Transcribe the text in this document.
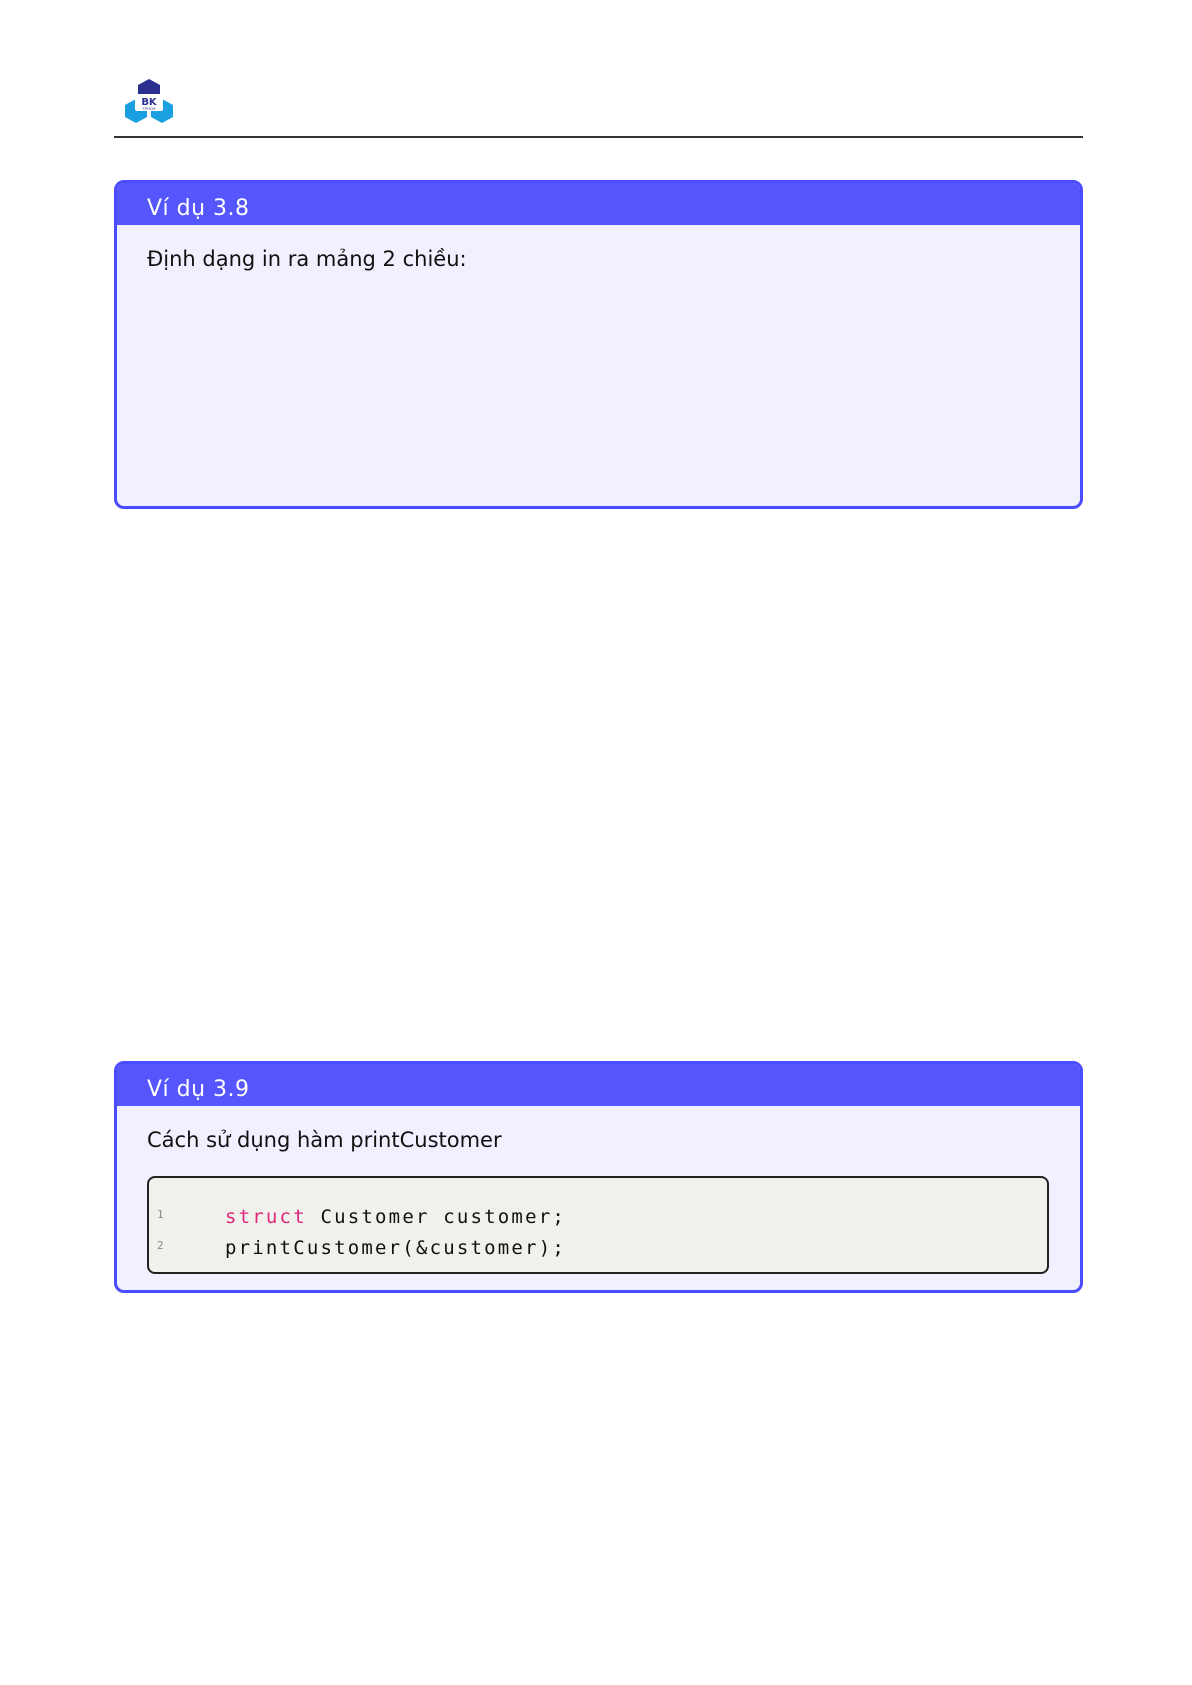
BK
TP.HCM
Ví dụ 3.8
Định dạng in ra mảng 2 chiều:
Ví dụ 3.9
Cách sử dụng hàm printCustomer
1	struct Customer customer;
2	printCustomer(&customer);
